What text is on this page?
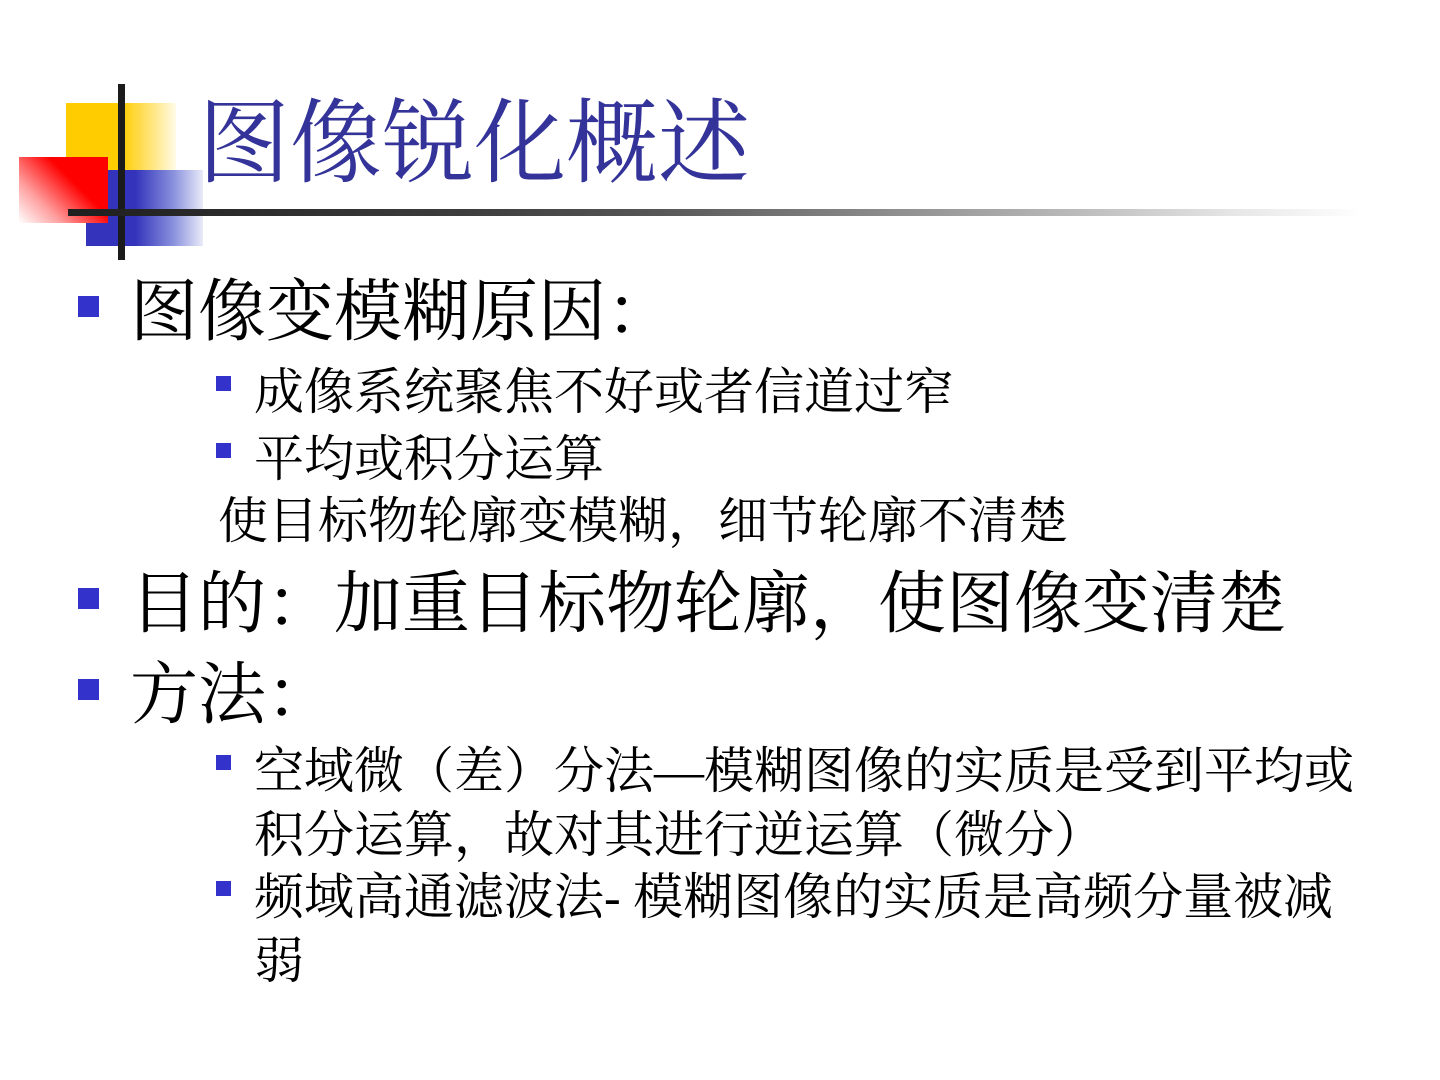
图像锐化概述
图像变模糊原因：
成像系统聚焦不好或者信道过窄
平均或积分运算
使目标物轮廓变模糊，细节轮廓不清楚
目的：加重目标物轮廓，使图像变清楚
方法：
空域微（差）分法—模糊图像的实质是受到平均或积分运算，故对其进行逆运算（微分）
频域高通滤波法- 模糊图像的实质是高频分量被减弱
